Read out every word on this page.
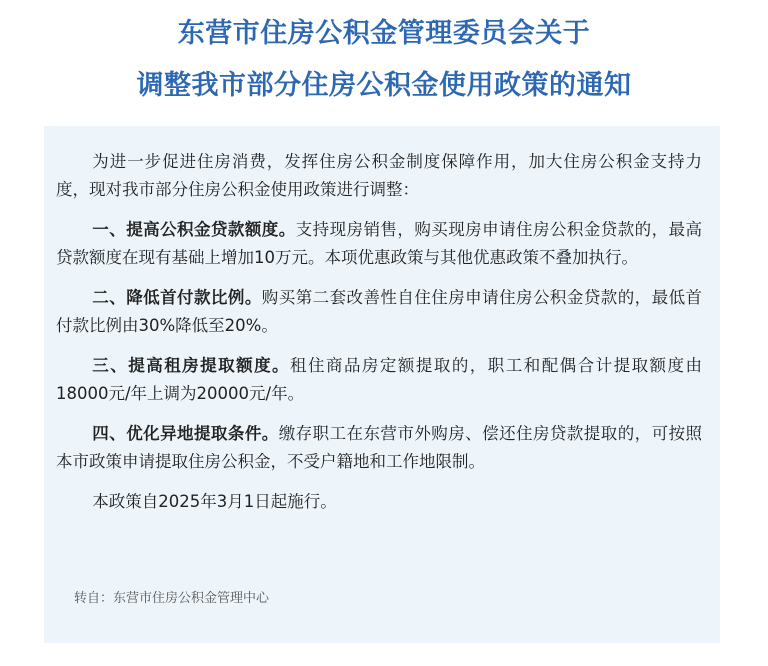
东营市住房公积金管理委员会关于
调整我市部分住房公积金使用政策的通知

为进一步促进住房消费，发挥住房公积金制度保障作用，加大住房公积金支持力度，现对我市部分住房公积金使用政策进行调整：

一、提高公积金贷款额度。支持现房销售，购买现房申请住房公积金贷款的，最高贷款额度在现有基础上增加10万元。本项优惠政策与其他优惠政策不叠加执行。

二、降低首付款比例。购买第二套改善性自住住房申请住房公积金贷款的，最低首付款比例由30%降低至20%。

三、提高租房提取额度。租住商品房定额提取的，职工和配偶合计提取额度由18000元/年上调为20000元/年。

四、优化异地提取条件。缴存职工在东营市外购房、偿还住房贷款提取的，可按照本市政策申请提取住房公积金，不受户籍地和工作地限制。

本政策自2025年3月1日起施行。

转自：东营市住房公积金管理中心
